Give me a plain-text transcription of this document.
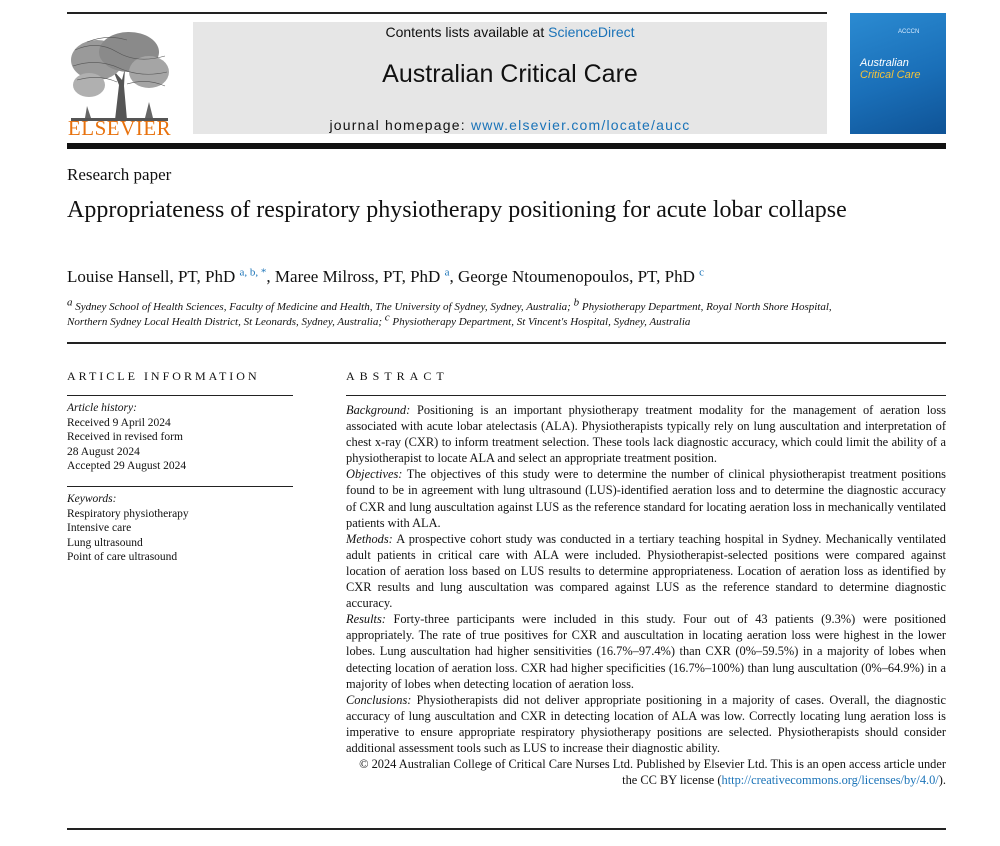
ELSEVIER
Contents lists available at ScienceDirect
Australian Critical Care
journal homepage: www.elsevier.com/locate/aucc
ACCCN
Australian
Critical Care
Research paper
Appropriateness of respiratory physiotherapy positioning for acute lobar collapse
Louise Hansell, PT, PhD $^{a, b, *}$, Maree Milross, PT, PhD $^a$, George Ntoumenopoulos, PT, PhD $^c$
$^a$ Sydney School of Health Sciences, Faculty of Medicine and Health, The University of Sydney, Sydney, Australia; $^b$ Physiotherapy Department, Royal North Shore Hospital, Northern Sydney Local Health District, St Leonards, Sydney, Australia; $^c$ Physiotherapy Department, St Vincent's Hospital, Sydney, Australia
ARTICLE INFORMATION
Article history:
Received 9 April 2024
Received in revised form
28 August 2024
Accepted 29 August 2024
Keywords:
Respiratory physiotherapy
Intensive care
Lung ultrasound
Point of care ultrasound
ABSTRACT

Background: Positioning is an important physiotherapy treatment modality for the management of aeration loss associated with acute lobar atelectasis (ALA). Physiotherapists typically rely on lung auscultation and interpretation of chest x-ray (CXR) to inform treatment selection. These tools lack diagnostic accuracy, which could limit the ability of a physiotherapist to locate ALA and select an appropriate treatment position.

Objectives: The objectives of this study were to determine the number of clinical physiotherapist treatment positions found to be in agreement with lung ultrasound (LUS)-identified aeration loss and to determine the diagnostic accuracy of CXR and lung auscultation against LUS as the reference standard for locating aeration loss in mechanically ventilated patients with ALA.

Methods: A prospective cohort study was conducted in a tertiary teaching hospital in Sydney. Mechanically ventilated adult patients in critical care with ALA were included. Physiotherapist-selected positions were compared against location of aeration loss based on LUS results to determine appropriateness. Location of aeration loss as identified by CXR results and lung auscultation was compared against LUS as the reference standard to determine diagnostic accuracy.

Results: Forty-three participants were included in this study. Four out of 43 patients (9.3%) were positioned appropriately. The rate of true positives for CXR and auscultation in locating aeration loss were highest in the lower lobes. Lung auscultation had higher sensitivities (16.7%–97.4%) than CXR (0%–59.5%) in a majority of lobes when detecting location of aeration loss. CXR had higher specificities (16.7%–100%) than lung auscultation (0%–64.9%) in a majority of lobes when detecting location of aeration loss.

Conclusions: Physiotherapists did not deliver appropriate positioning in a majority of cases. Overall, the diagnostic accuracy of lung auscultation and CXR in detecting location of ALA was low. Correctly locating lung aeration loss is imperative to ensure appropriate respiratory physiotherapy positions are selected. Physiotherapists should consider additional assessment tools such as LUS to increase their diagnostic ability.

© 2024 Australian College of Critical Care Nurses Ltd. Published by Elsevier Ltd. This is an open access article under the CC BY license (http://creativecommons.org/licenses/by/4.0/).
